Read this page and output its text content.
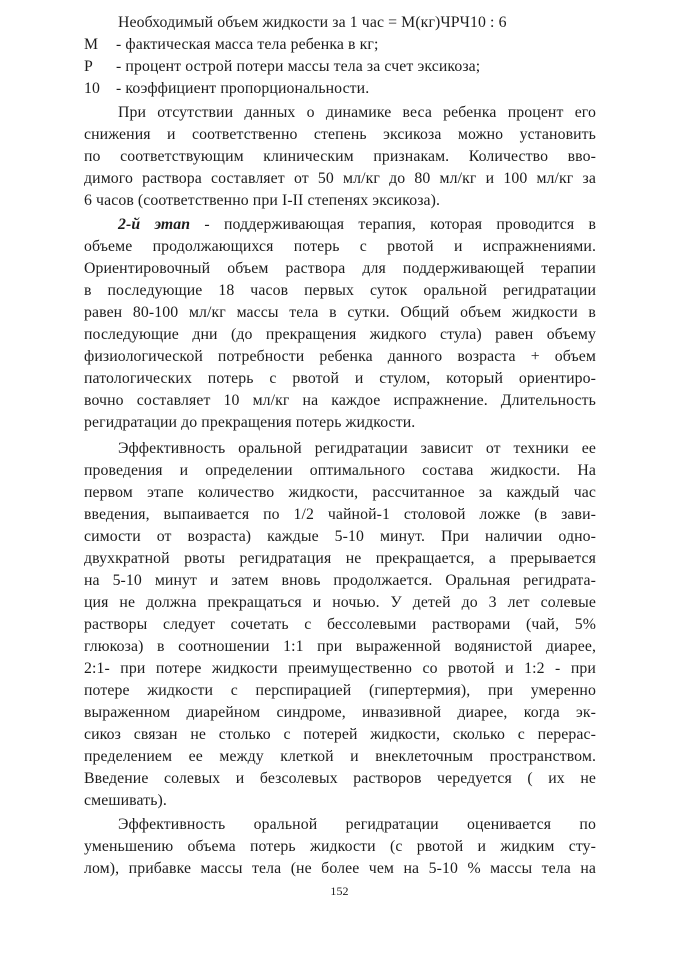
Необходимый объем жидкости за 1 час = М(кг)ЧРЧ10 : 6
М	- фактическая масса тела ребенка в кг;
Р	- процент острой потери массы тела за счет эксикоза;
10	- коэффициент пропорциональности.
При отсутствии данных о динамике веса ребенка процент его
снижения и соответственно степень эксикоза можно установить
по соответствующим клиническим признакам. Количество вво-
димого раствора составляет от 50 мл/кг до 80 мл/кг и 100 мл/кг за
6 часов (соответственно при I-II степенях эксикоза).
2-й этап - поддерживающая терапия, которая проводится в
объеме продолжающихся потерь с рвотой и испражнениями.
Ориентировочный объем раствора для поддерживающей терапии
в последующие 18 часов первых суток оральной регидратации
равен 80-100 мл/кг массы тела в сутки. Общий объем жидкости в
последующие дни (до прекращения жидкого стула) равен объему
физиологической потребности ребенка данного возраста + объем
патологических потерь с рвотой и стулом, который ориентиро-
вочно составляет 10 мл/кг на каждое испражнение. Длительность
регидратации до прекращения потерь жидкости.
Эффективность оральной регидратации зависит от техники ее
проведения и определении оптимального состава жидкости. На
первом этапе количество жидкости, рассчитанное за каждый час
введения, выпаивается по 1/2 чайной-1 столовой ложке (в зави-
симости от возраста) каждые 5-10 минут. При наличии одно-
двухкратной рвоты регидратация не прекращается, а прерывается
на 5-10 минут и затем вновь продолжается. Оральная регидрата-
ция не должна прекращаться и ночью. У детей до 3 лет солевые
растворы следует сочетать с бессолевыми растворами (чай, 5%
глюкоза) в соотношении 1:1 при выраженной водянистой диарее,
2:1- при потере жидкости преимущественно со рвотой и 1:2 - при
потере жидкости с перспирацией (гипертермия), при умеренно
выраженном диарейном синдроме, инвазивной диарее, когда эк-
сикоз связан не столько с потерей жидкости, сколько с перерас-
пределением ее между клеткой и внеклеточным пространством.
Введение солевых и безсолевых растворов чередуется ( их не
смешивать).
Эффективность оральной регидратации оценивается по
уменьшению объема потерь жидкости (с рвотой и жидким сту-
лом), прибавке массы тела (не более чем на 5-10 % массы тела на
152
